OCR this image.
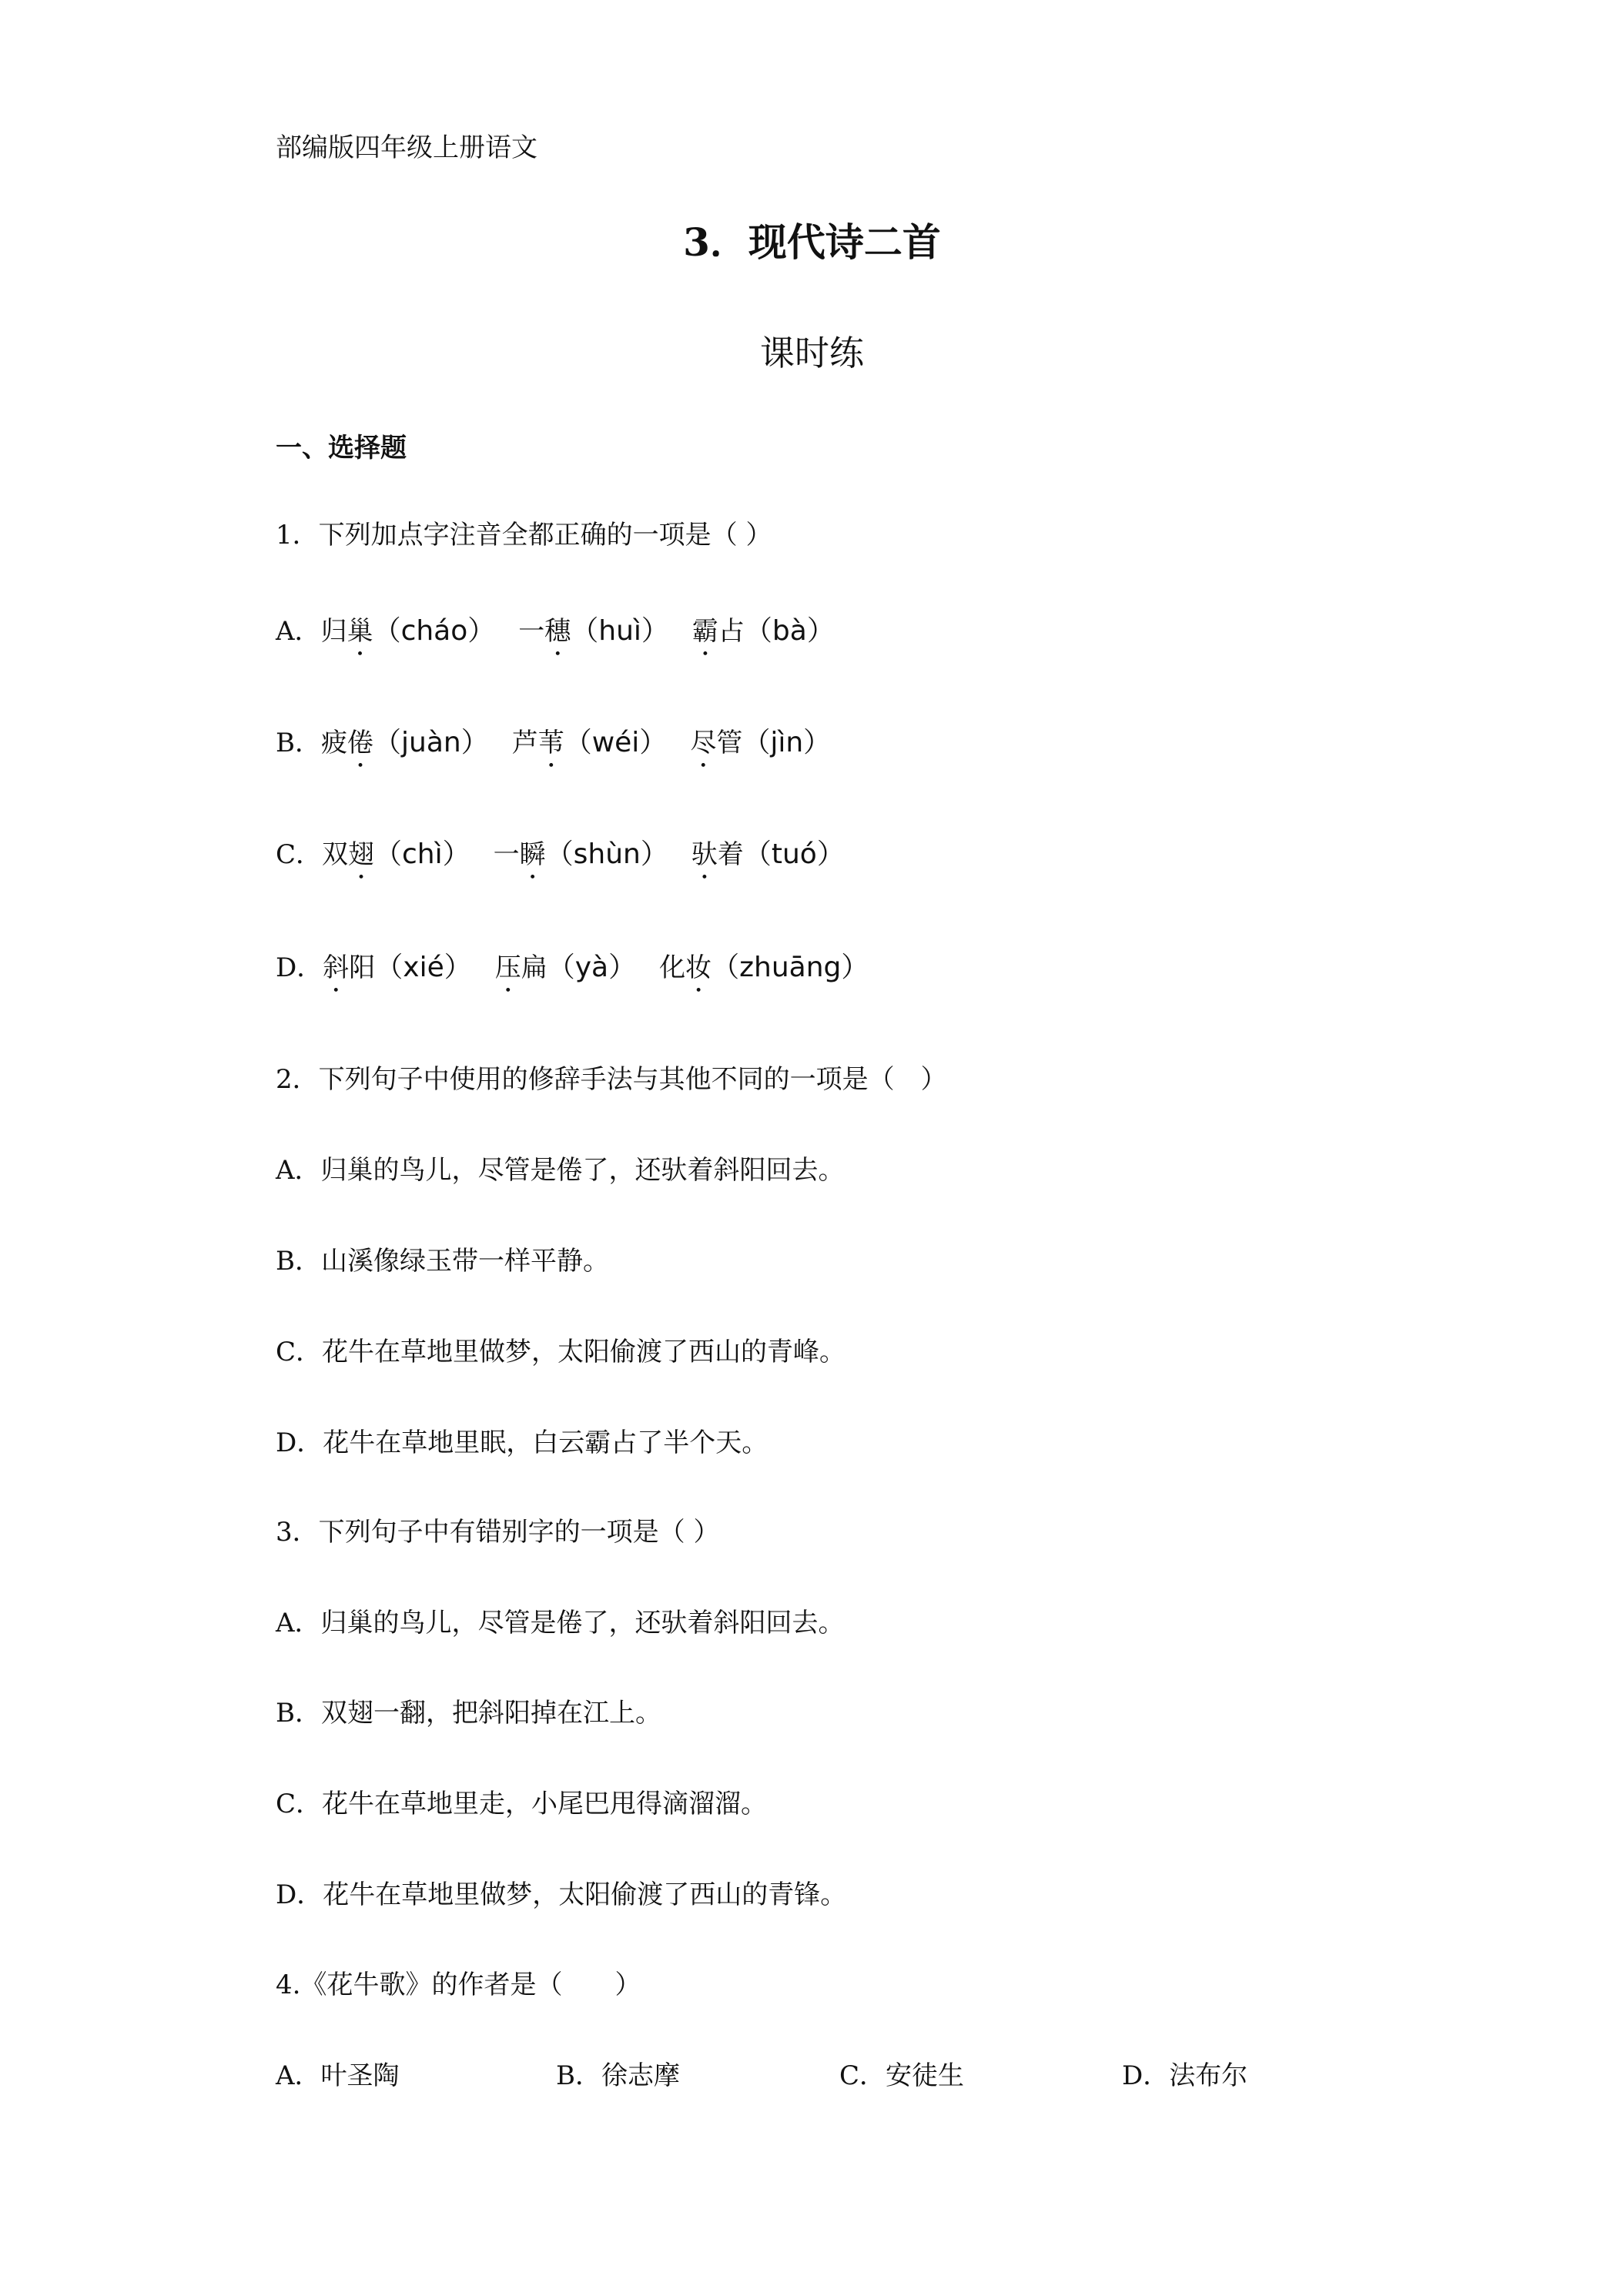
部编版四年级上册语文
3．现代诗二首
课时练
一、选择题
1．下列加点字注音全都正确的一项是（ ）
A．归巢（cháo） 一穗（huì） 霸占（bà）
B．疲倦（juàn） 芦苇（wéi） 尽管（jìn）
C．双翅（chì） 一瞬（shùn） 驮着（tuó）
D．斜阳（xié） 压扁（yà） 化妆（zhuāng）
2．下列句子中使用的修辞手法与其他不同的一项是（　）
A．归巢的鸟儿，尽管是倦了，还驮着斜阳回去。
B．山溪像绿玉带一样平静。
C．花牛在草地里做梦，太阳偷渡了西山的青峰。
D．花牛在草地里眠，白云霸占了半个天。
3．下列句子中有错别字的一项是（ ）
A．归巢的鸟儿，尽管是倦了，还驮着斜阳回去。
B．双翅一翻，把斜阳掉在江上。
C．花牛在草地里走，小尾巴甩得滴溜溜。
D．花牛在草地里做梦，太阳偷渡了西山的青锋。
4.《花牛歌》的作者是（　　）
A．叶圣陶	B．徐志摩	C．安徒生	D．法布尔
